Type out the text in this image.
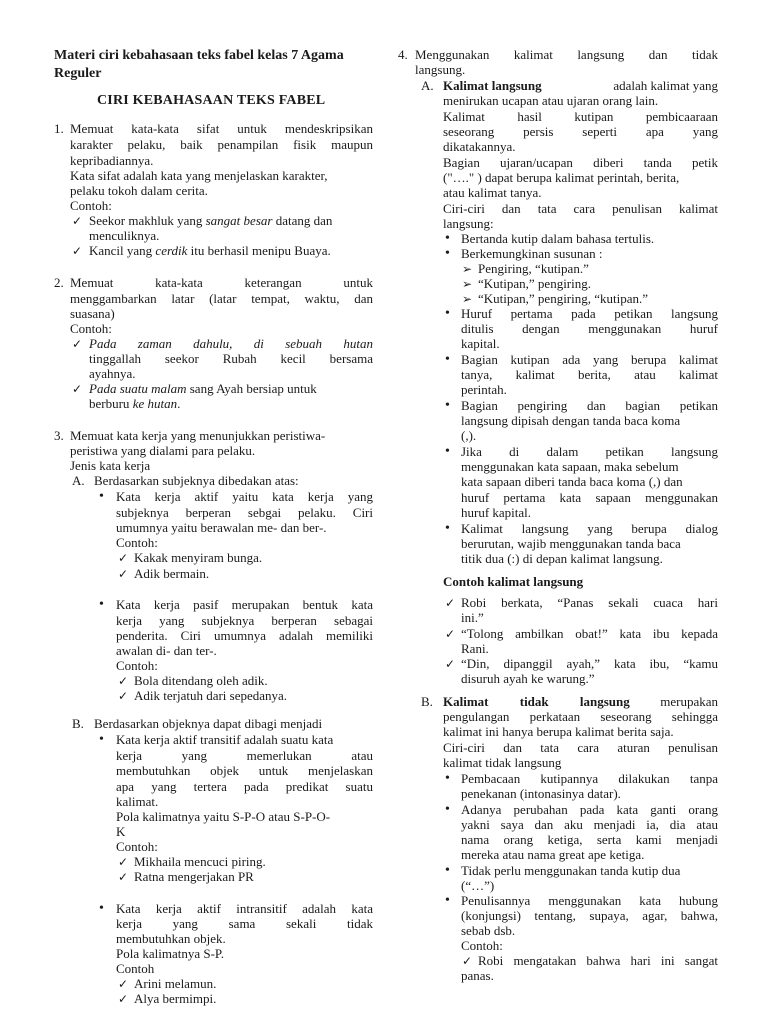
Materi ciri kebahasaan teks fabel kelas 7 Agama
Reguler
CIRI KEBAHASAAN TEKS FABEL
1. Memuat kata-kata sifat untuk mendeskripsikan
karakter pelaku, baik penampilan fisik maupun
kepribadiannya.
Kata sifat adalah kata yang menjelaskan karakter,
pelaku tokoh dalam cerita.
Contoh:
✓ Seekor makhluk yang sangat besar datang dan
menculiknya.
✓ Kancil yang cerdik itu berhasil menipu Buaya.
2. Memuat kata-kata keterangan untuk
menggambarkan latar (latar tempat, waktu, dan
suasana)
Contoh:
✓ Pada zaman dahulu, di sebuah hutan
tinggallah seekor Rubah kecil bersama
ayahnya.
✓ Pada suatu malam sang Ayah bersiap untuk
berburu ke hutan.
3. Memuat kata kerja yang menunjukkan peristiwa-
peristiwa yang dialami para pelaku.
Jenis kata kerja
A. Berdasarkan subjeknya dibedakan atas:
• Kata kerja aktif yaitu kata kerja yang
subjeknya berperan sebgai pelaku. Ciri
umumnya yaitu berawalan me- dan ber-.
Contoh:
✓ Kakak menyiram bunga.
✓ Adik bermain.
• Kata kerja pasif merupakan bentuk kata
kerja yang subjeknya berperan sebagai
penderita. Ciri umumnya adalah memiliki
awalan di- dan ter-.
Contoh:
✓ Bola ditendang oleh adik.
✓ Adik terjatuh dari sepedanya.
B. Berdasarkan objeknya dapat dibagi menjadi
• Kata kerja aktif transitif adalah suatu kata
kerja yang memerlukan atau
membutuhkan objek untuk menjelaskan
apa yang tertera pada predikat suatu
kalimat.
Pola kalimatnya yaitu S-P-O atau S-P-O-
K
Contoh:
✓ Mikhaila mencuci piring.
✓ Ratna mengerjakan PR
• Kata kerja aktif intransitif adalah kata
kerja yang sama sekali tidak
membutuhkan objek.
Pola kalimatnya S-P.
Contoh
✓ Arini melamun.
✓ Alya bermimpi.
4. Menggunakan kalimat langsung dan tidak
langsung.
A. Kalimat langsung	adalah kalimat yang
menirukan ucapan atau ujaran orang lain.
Kalimat hasil kutipan pembicaaraan
seseorang persis seperti apa yang
dikatakannya.
Bagian ujaran/ucapan diberi tanda petik
("…." ) dapat berupa kalimat perintah, berita,
atau kalimat tanya.
Ciri-ciri dan tata cara penulisan kalimat
langsung:
• Bertanda kutip dalam bahasa tertulis.
• Berkemungkinan susunan :
➢ Pengiring, “kutipan.”
➢ “Kutipan,” pengiring.
➢ “Kutipan,” pengiring, “kutipan.”
• Huruf pertama pada petikan langsung
ditulis dengan menggunakan huruf
kapital.
• Bagian kutipan ada yang berupa kalimat
tanya, kalimat berita, atau kalimat
perintah.
• Bagian pengiring dan bagian petikan
langsung dipisah dengan tanda baca koma
(,).
• Jika di dalam petikan langsung
menggunakan kata sapaan, maka sebelum
kata sapaan diberi tanda baca koma (,) dan
huruf pertama kata sapaan menggunakan
huruf kapital.
• Kalimat langsung yang berupa dialog
berurutan, wajib menggunakan tanda baca
titik dua (:) di depan kalimat langsung.
Contoh kalimat langsung
✓ Robi berkata, “Panas sekali cuaca hari
ini.”
✓ “Tolong ambilkan obat!” kata ibu kepada
Rani.
✓ “Din, dipanggil ayah,” kata ibu, “kamu
disuruh ayah ke warung.”
B. Kalimat tidak langsung merupakan
pengulangan perkataan seseorang sehingga
kalimat ini hanya berupa kalimat berita saja.
Ciri-ciri dan tata cara aturan penulisan
kalimat tidak langsung
• Pembacaan kutipannya dilakukan tanpa
penekanan (intonasinya datar).
• Adanya perubahan pada kata ganti orang
yakni saya dan aku menjadi ia, dia atau
nama orang ketiga, serta kami menjadi
mereka atau nama great ape ketiga.
• Tidak perlu menggunakan tanda kutip dua
(“…”)
• Penulisannya menggunakan kata hubung
(konjungsi) tentang, supaya, agar, bahwa,
sebab dsb.
Contoh:
✓ Robi mengatakan bahwa hari ini sangat
panas.
